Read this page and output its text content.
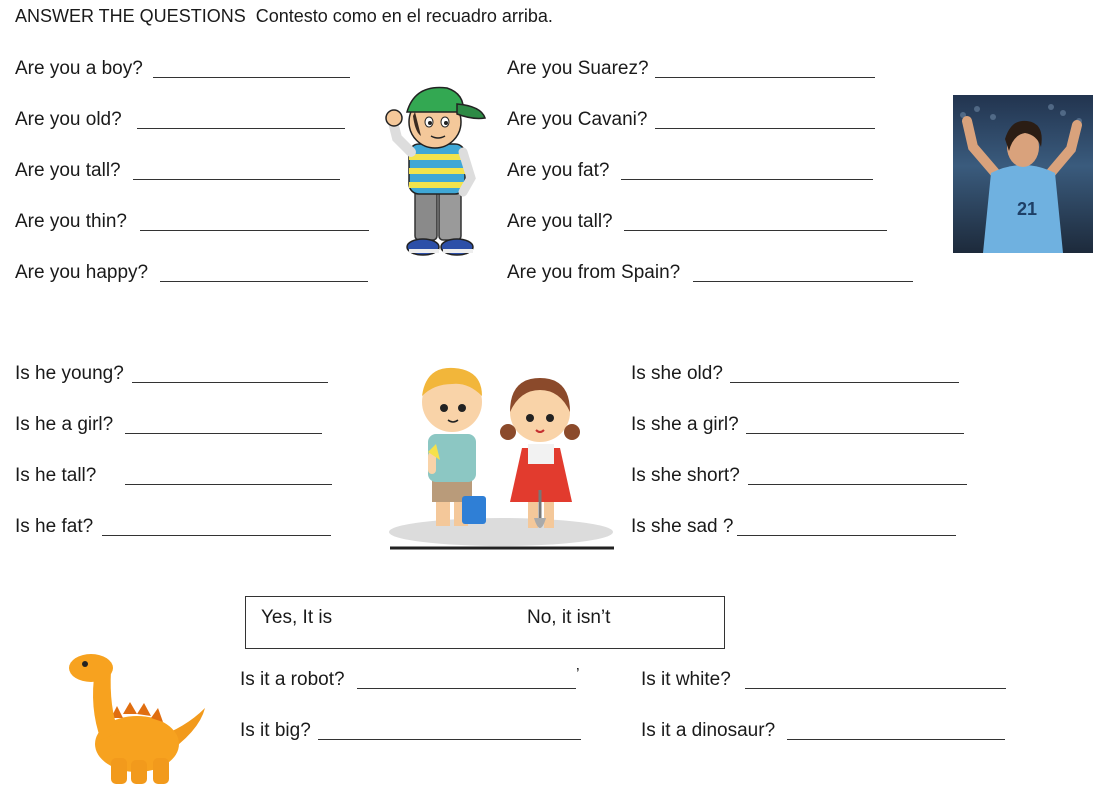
ANSWER THE QUESTIONS Contesto como en el recuadro arriba.
Are you a boy?
Are you old?
Are you tall?
Are you thin?
Are you happy?
Are you Suarez?
Are you Cavani?
Are you fat?
Are you tall?
Are you from Spain?
21
Is he young?
Is he a girl?
Is he tall?
Is he fat?
Is she old?
Is she a girl?
Is she short?
Is she sad ?
Yes, It is	No, it isn’t
Is it a robot?	’
Is it big?
Is it white?
Is it a dinosaur?
